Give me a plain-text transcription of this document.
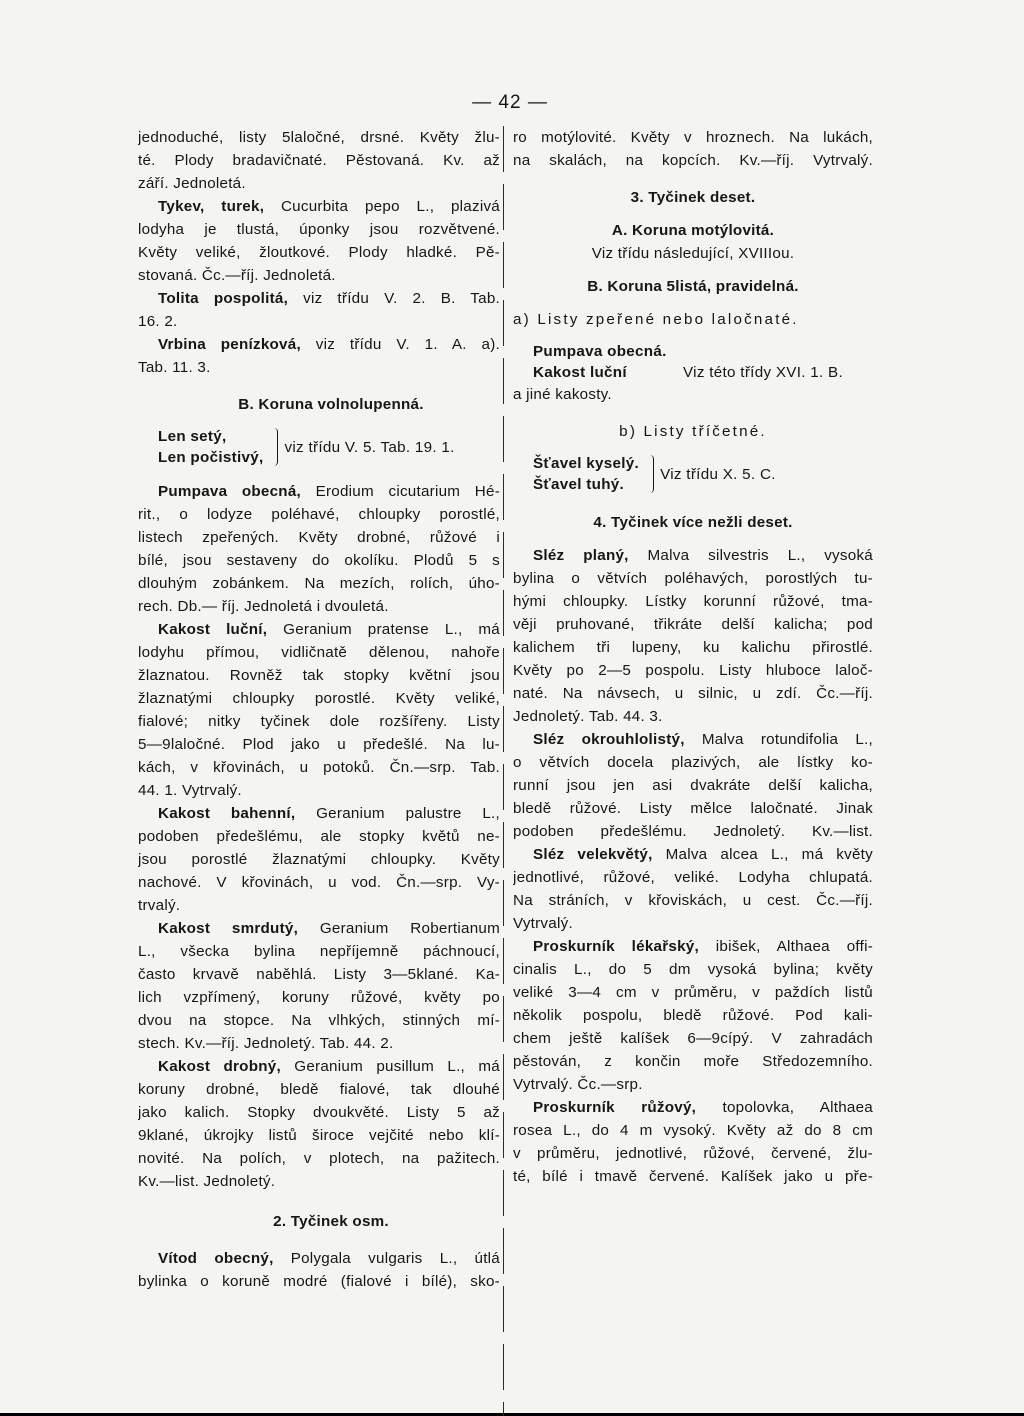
— 42 —
jednoduché, listy 5laločné, drsné. Květy žlu-
té. Plody bradavičnaté. Pěstovaná. Kv. až
září. Jednoletá.
Tykev, turek, Cucurbita pepo L., plazivá
lodyha je tlustá, úponky jsou rozvětvené.
Květy veliké, žloutkové. Plody hladké. Pě-
stovaná. Čc.—říj. Jednoletá.
Tolita pospolitá, viz třídu V. 2. B. Tab.
16. 2.
Vrbina penízková, viz třídu V. 1. A. a).
Tab. 11. 3.
B. Koruna volnolupenná.
Len setý,
Len počistivý,
viz třídu V. 5. Tab. 19. 1.
Pumpava obecná, Erodium cicutarium Hé-
rit., o lodyze poléhavé, chloupky porostlé,
listech zpeřených. Květy drobné, růžové i
bílé, jsou sestaveny do okolíku. Plodů 5 s
dlouhým zobánkem. Na mezích, rolích, úho-
rech. Db.— říj. Jednoletá i dvouletá.
Kakost luční, Geranium pratense L., má
lodyhu přímou, vidličnatě dělenou, nahoře
žlaznatou. Rovněž tak stopky květní jsou
žlaznatými chloupky porostlé. Květy veliké,
fialové; nitky tyčinek dole rozšířeny. Listy
5—9laločné. Plod jako u předešlé. Na lu-
kách, v křovinách, u potoků. Čn.—srp. Tab.
44. 1. Vytrvalý.
Kakost bahenní, Geranium palustre L.,
podoben předešlému, ale stopky květů ne-
jsou porostlé žlaznatými chloupky. Květy
nachové. V křovinách, u vod. Čn.—srp. Vy-
trvalý.
Kakost smrdutý, Geranium Robertianum
L., všecka bylina nepříjemně páchnoucí,
často krvavě naběhlá. Listy 3—5klané. Ka-
lich vzpřímený, koruny růžové, květy po
dvou na stopce. Na vlhkých, stinných mí-
stech. Kv.—říj. Jednoletý. Tab. 44. 2.
Kakost drobný, Geranium pusillum L., má
koruny drobné, bledě fialové, tak dlouhé
jako kalich. Stopky dvoukvěté. Listy 5 až
9klané, úkrojky listů široce vejčité nebo klí-
novité. Na polích, v plotech, na pažitech.
Kv.—list. Jednoletý.
2. Tyčinek osm.
Vítod obecný, Polygala vulgaris L., útlá
bylinka o koruně modré (fialové i bílé), sko-
ro motýlovité. Květy v hroznech. Na lukách,
na skalách, na kopcích. Kv.—říj. Vytrvalý.
3. Tyčinek deset.
A. Koruna motýlovitá.
Viz třídu následující, XVIIIou.
B. Koruna 5listá, pravidelná.
a) Listy zpeřené nebo laločnaté.
Pumpava obecná.
Kakost luční	Viz této třídy XVI. 1. B.
a jiné kakosty.
b) Listy tříčetné.
Šťavel kyselý.
Šťavel tuhý.
Viz třídu X. 5. C.
4. Tyčinek více nežli deset.
Sléz planý, Malva silvestris L., vysoká
bylina o větvích poléhavých, porostlých tu-
hými chloupky. Lístky korunní růžové, tma-
věji pruhované, třikráte delší kalicha; pod
kalichem tři lupeny, ku kalichu přirostlé.
Květy po 2—5 pospolu. Listy hluboce laloč-
naté. Na návsech, u silnic, u zdí. Čc.—říj.
Jednoletý. Tab. 44. 3.
Sléz okrouhlolistý, Malva rotundifolia L.,
o větvích docela plazivých, ale lístky ko-
runní jsou jen asi dvakráte delší kalicha,
bledě růžové. Listy mělce laločnaté. Jinak
podoben předešlému. Jednoletý. Kv.—list.
Sléz velekvětý, Malva alcea L., má květy
jednotlivé, růžové, veliké. Lodyha chlupatá.
Na stráních, v křoviskách, u cest. Čc.—říj.
Vytrvalý.
Proskurník lékařský, ibišek, Althaea offi-
cinalis L., do 5 dm vysoká bylina; květy
veliké 3—4 cm v průměru, v paždích listů
několik pospolu, bledě růžové. Pod kali-
chem ještě kalíšek 6—9cípý. V zahradách
pěstován, z končin moře Středozemního.
Vytrvalý. Čc.—srp.
Proskurník růžový, topolovka, Althaea
rosea L., do 4 m vysoký. Květy až do 8 cm
v průměru, jednotlivé, růžové, červené, žlu-
té, bílé i tmavě červené. Kalíšek jako u pře-
